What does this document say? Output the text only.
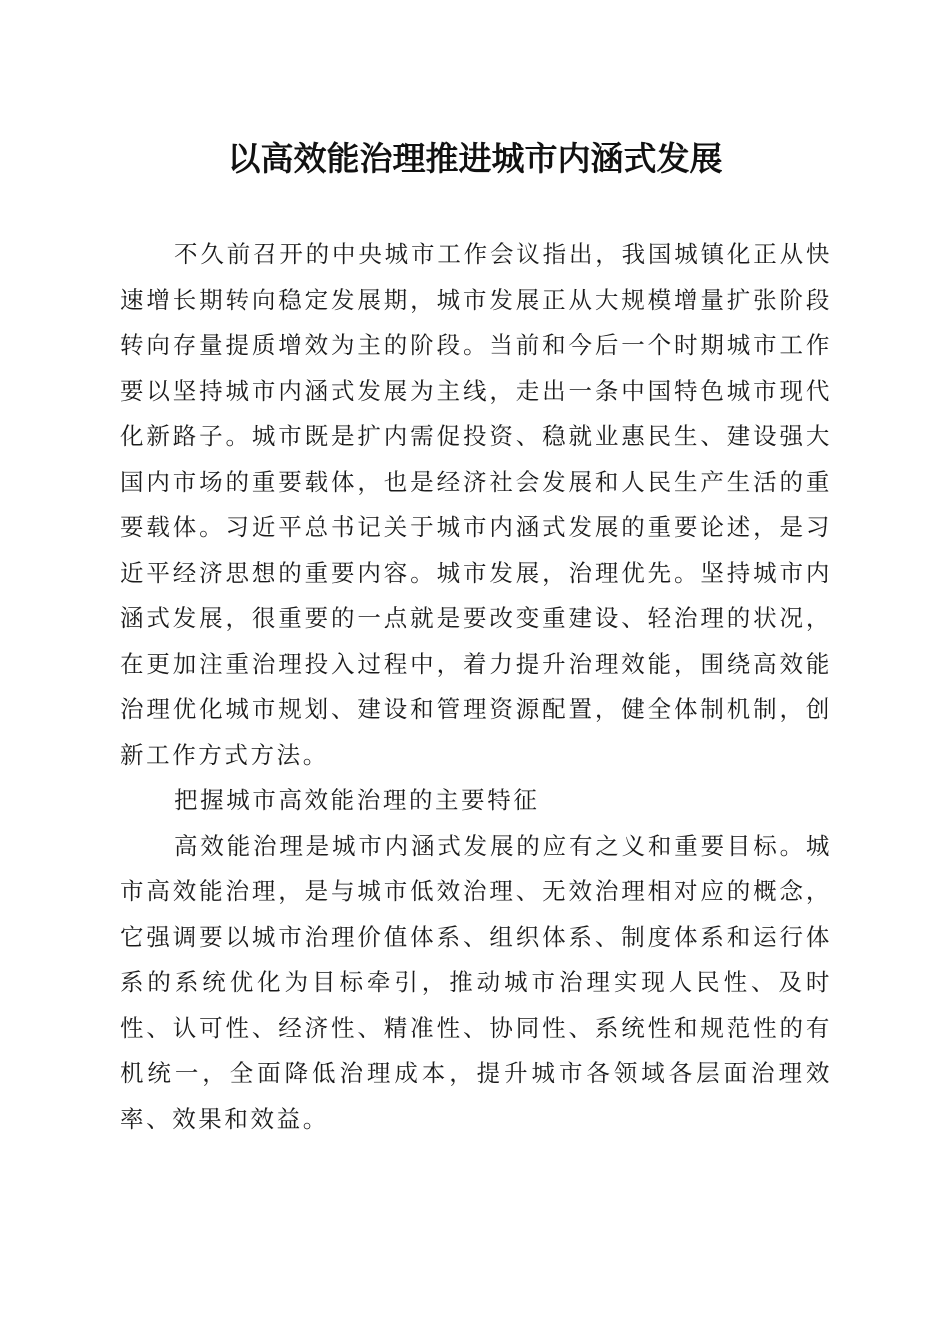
以高效能治理推进城市内涵式发展

不久前召开的中央城市工作会议指出，我国城镇化正从快速增长期转向稳定发展期，城市发展正从大规模增量扩张阶段转向存量提质增效为主的阶段。当前和今后一个时期城市工作要以坚持城市内涵式发展为主线，走出一条中国特色城市现代化新路子。城市既是扩内需促投资、稳就业惠民生、建设强大国内市场的重要载体，也是经济社会发展和人民生产生活的重要载体。习近平总书记关于城市内涵式发展的重要论述，是习近平经济思想的重要内容。城市发展，治理优先。坚持城市内涵式发展，很重要的一点就是要改变重建设、轻治理的状况，在更加注重治理投入过程中，着力提升治理效能，围绕高效能治理优化城市规划、建设和管理资源配置，健全体制机制，创新工作方式方法。

把握城市高效能治理的主要特征

高效能治理是城市内涵式发展的应有之义和重要目标。城市高效能治理，是与城市低效治理、无效治理相对应的概念，它强调要以城市治理价值体系、组织体系、制度体系和运行体系的系统优化为目标牵引，推动城市治理实现人民性、及时性、认可性、经济性、精准性、协同性、系统性和规范性的有机统一，全面降低治理成本，提升城市各领域各层面治理效率、效果和效益。
